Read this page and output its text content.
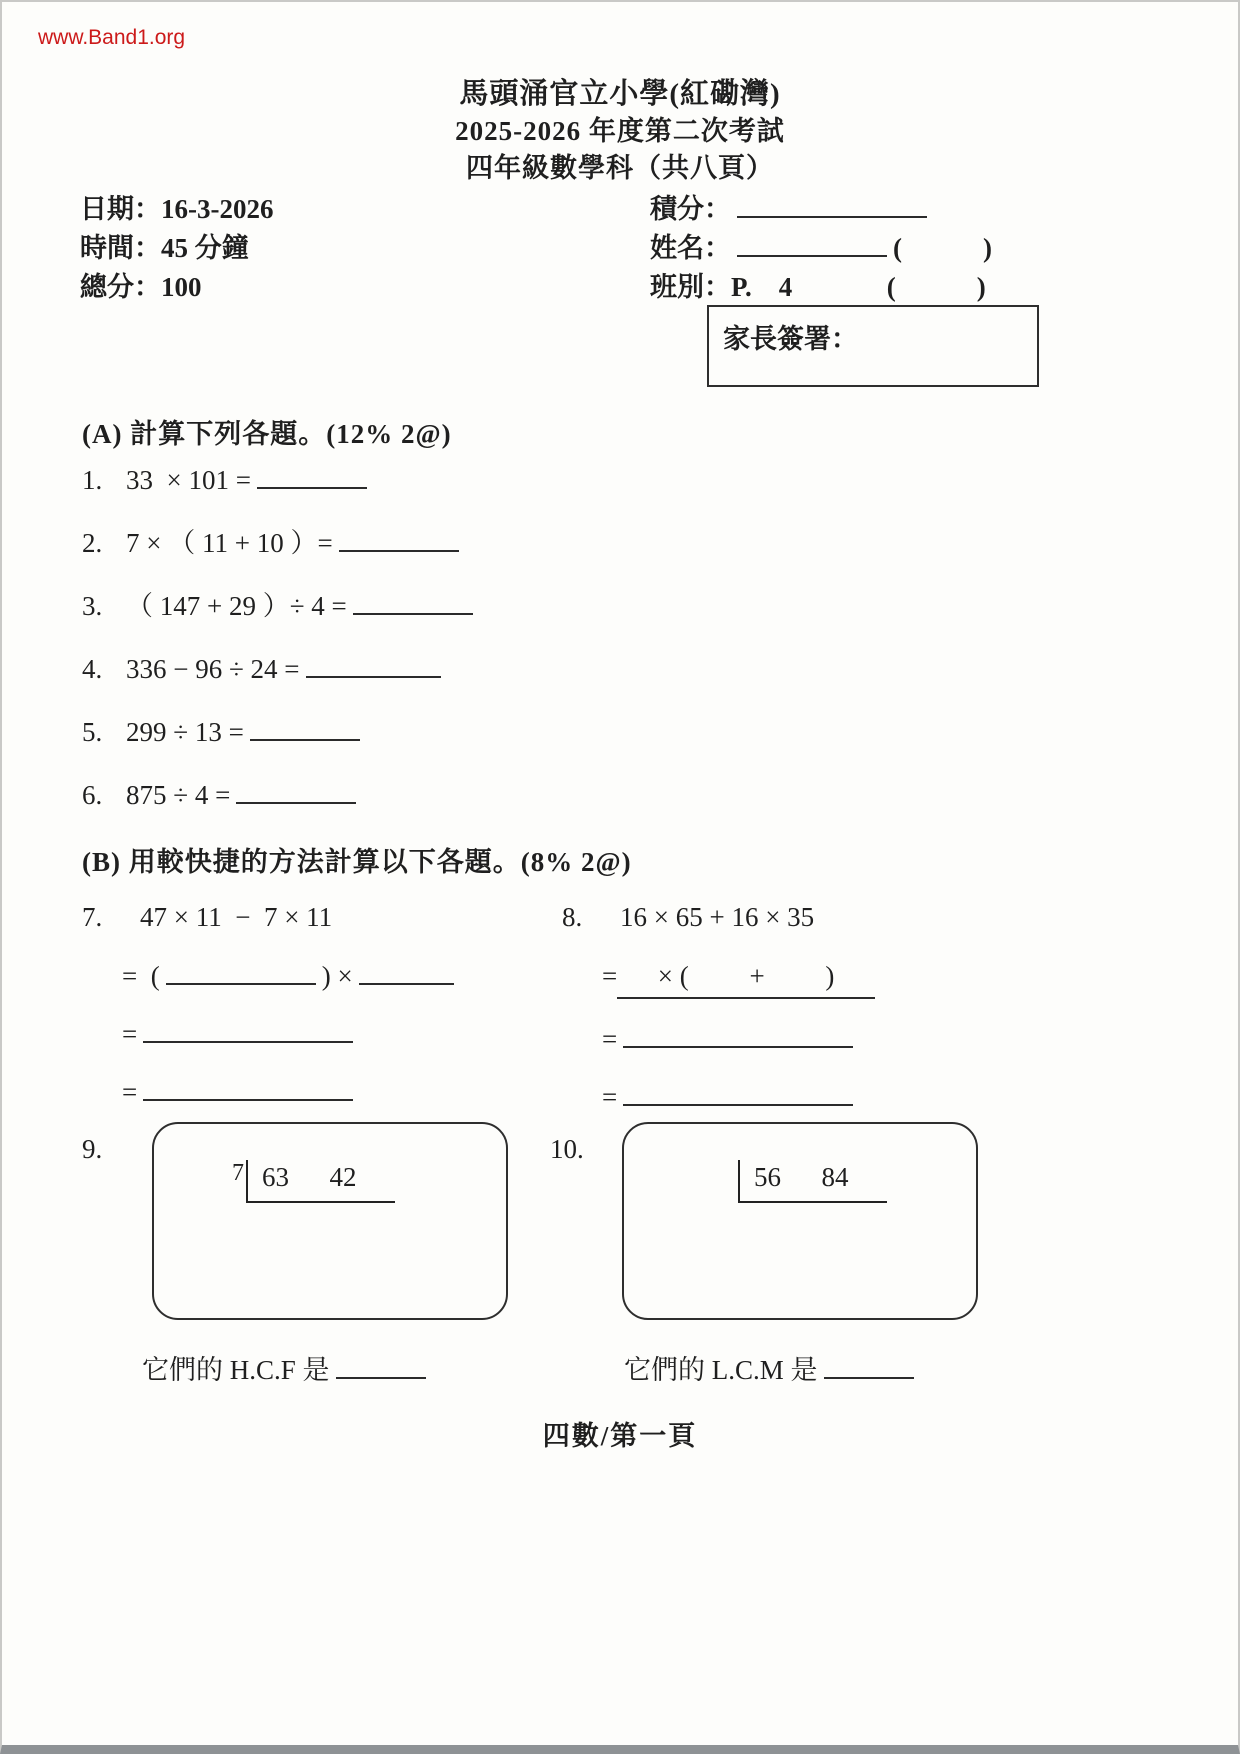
www.Band1.org
馬頭涌官立小學(紅磡灣)
2025-2026 年度第二次考試
四年級數學科（共八頁）
日期：16-3-2026
時間：45 分鐘
總分：100
積分：
姓名：	(            )
班別：P.    4              (            )
家長簽署：
(A) 計算下列各題。(12% 2@)
1. 33  × 101 =
2. 7 × （ 11 + 10 ）=
3. （ 147 + 29 ）÷ 4 =
4. 336 − 96 ÷ 24 =
5. 299 ÷ 13 =
6. 875 ÷ 4 =
(B) 用較快捷的方法計算以下各題。(8% 2@)
7. 47 × 11  −  7 × 11
=  (	) ×
=
=
8. 16 × 65 + 16 × 35
=      × (         +         )
=
=
9.
7 63      42
10.
56      84
它們的 H.C.F 是	它們的 L.C.M 是
四數/第一頁
